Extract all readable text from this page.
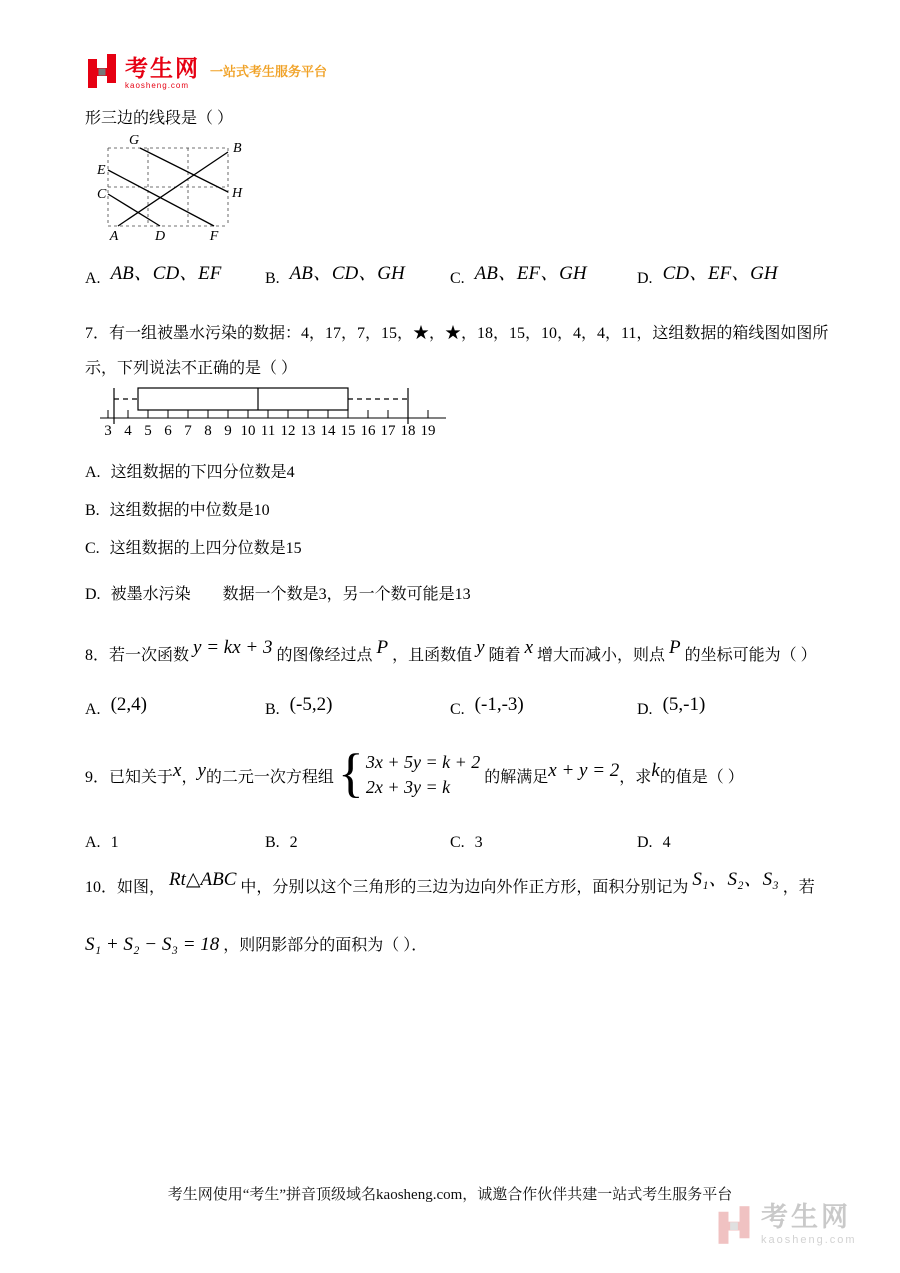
考生网
kaosheng.com
一站式考生服务平台
形三边的线段是（ ）
G
B
E
C	H
A	D	F
A. AB、CD、EF	B. AB、CD、GH	C. AB、EF、GH	D. CD、EF、GH
7．有一组被墨水污染的数据：4，17，7，15，★，★，18，15，10，4，4，11，这组数据的箱线图如图所示，下列说法不正确的是（ ）
3 4 5 6 7 8 9 10 11 12 13 14 15 16 17 18 19
A. 这组数据的下四分位数是4
B. 这组数据的中位数是10
C. 这组数据的上四分位数是15
D. 被墨水污染　　数据一个数是3，另一个数可能是13
8．若一次函数 y = kx + 3 的图像经过点 P ，且函数值 y 随着 x 增大而减小，则点 P 的坐标可能为（ ）
A. (2,4)	B. (-5,2)	C. (-1,-3)	D. (5,-1)
9．已知关于 x ， y 的二元一次方程组 { 3x + 5y = k + 2
2x + 3y = k	的解满足 x + y = 2 ，求 k 的值是（ ）
A. 1	B. 2	C. 3	D. 4
10．如图， Rt△ABC 中，分别以这个三角形的三边为边向外作正方形，面积分别记为 S₁、S₂、S₃ ，若
S₁ + S₂ − S₃ = 18 ，则阴影部分的面积为（ ）．
考生网使用“考生”拼音顶级域名kaosheng.com，诚邀合作伙伴共建一站式考生服务平台
考生网
kaosheng.com
